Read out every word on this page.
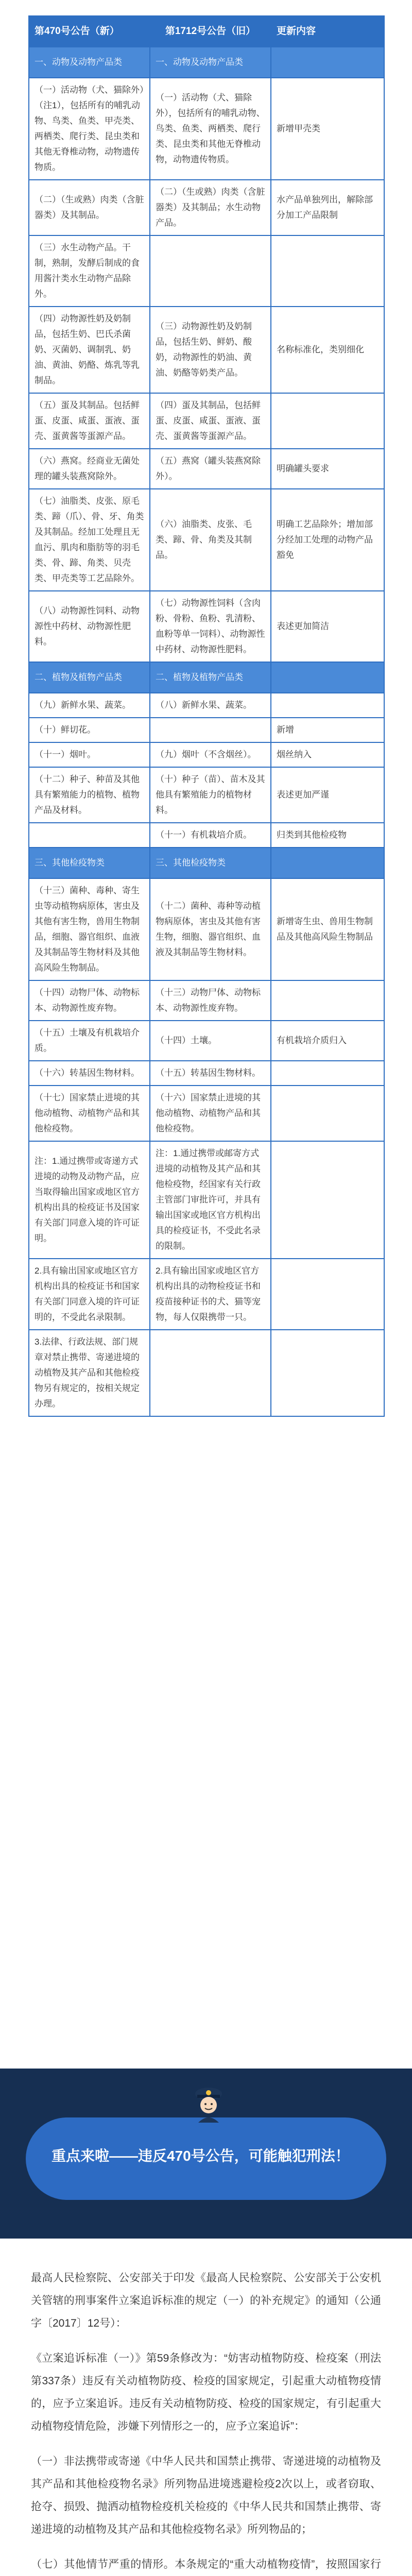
第470号公告（新）	第1712号公告（旧）	更新内容
一、动物及动物产品类	一、动物及动物产品类	
（一）活动物（犬、猫除外）（注1），包括所有的哺乳动物、鸟类、鱼类、甲壳类、两栖类、爬行类、昆虫类和其他无脊椎动物，动物遗传物质。	（一）活动物（犬、猫除外），包括所有的哺乳动物、鸟类、鱼类、两栖类、爬行类、昆虫类和其他无脊椎动物，动物遗传物质。	新增甲壳类
（二）（生或熟）肉类（含脏器类）及其制品。	（二）（生或熟）肉类（含脏器类）及其制品；水生动物产品。	水产品单独列出，解除部分加工产品限制
（三）水生动物产品。干制，熟制，发酵后制成的食用酱汁类水生动物产品除外。		
（四）动物源性奶及奶制品，包括生奶、巴氏杀菌奶、灭菌奶、调制乳、奶油、黄油、奶酪、炼乳等乳制品。	（三）动物源性奶及奶制品，包括生奶、鲜奶、酸奶，动物源性的奶油、黄油、奶酪等奶类产品。	名称标准化，类别细化
（五）蛋及其制品。包括鲜蛋、皮蛋、咸蛋、蛋液、蛋壳、蛋黄酱等蛋源产品。	（四）蛋及其制品，包括鲜蛋、皮蛋、咸蛋、蛋液、蛋壳、蛋黄酱等蛋源产品。	
（六）燕窝。经商业无菌处理的罐头装燕窝除外。	（五）燕窝（罐头装燕窝除外）。	明确罐头要求
（七）油脂类、皮张、原毛类、蹄（爪）、骨、牙、角类及其制品。经加工处理且无血污、肌肉和脂肪等的羽毛类、骨、蹄、角类、贝壳类、甲壳类等工艺品除外。	（六）油脂类、皮张、毛类、蹄、骨、角类及其制品。	明确工艺品除外；增加部分经加工处理的动物产品豁免
（八）动物源性饲料、动物源性中药材、动物源性肥料。	（七）动物源性饲料（含肉粉、骨粉、鱼粉、乳清粉、血粉等单一饲料）、动物源性中药材、动物源性肥料。	表述更加简洁
二、植物及植物产品类	二、植物及植物产品类	
（九）新鲜水果、蔬菜。	（八）新鲜水果、蔬菜。	
（十）鲜切花。		新增
（十一）烟叶。	（九）烟叶（不含烟丝）。	烟丝纳入
（十二）种子、种苗及其他具有繁殖能力的植物、植物产品及材料。	（十）种子（苗）、苗木及其他具有繁殖能力的植物材料。	表述更加严谨
	（十一）有机栽培介质。	归类到其他检疫物
三、其他检疫物类	三、其他检疫物类	
（十三）菌种、毒种、寄生虫等动植物病原体，害虫及其他有害生物，兽用生物制品，细胞、器官组织、血液及其制品等生物材料及其他高风险生物制品。	（十二）菌种、毒种等动植物病原体，害虫及其他有害生物，细胞、器官组织、血液及其制品等生物材料。	新增寄生虫、兽用生物制品及其他高风险生物制品
（十四）动物尸体、动物标本、动物源性废弃物。	（十三）动物尸体、动物标本、动物源性废弃物。	
（十五）土壤及有机栽培介质。	（十四）土壤。	有机栽培介质归入
（十六）转基因生物材料。	（十五）转基因生物材料。	
（十七）国家禁止进境的其他动植物、动植物产品和其他检疫物。	（十六）国家禁止进境的其他动植物、动植物产品和其他检疫物。	
注：1.通过携带或寄递方式进境的动物及动物产品，应当取得输出国家或地区官方机构出具的检疫证书及国家有关部门同意入境的许可证明。	注：1.通过携带或邮寄方式进境的动植物及其产品和其他检疫物，经国家有关行政主管部门审批许可，并具有输出国家或地区官方机构出具的检疫证书，不受此名录的限制。	
2.具有输出国家或地区官方机构出具的检疫证书和国家有关部门同意入境的许可证明的，不受此名录限制。	2.具有输出国家或地区官方机构出具的动物检疫证书和疫苗接种证书的犬、猫等宠物，每人仅限携带一只。	
3.法律、行政法规、部门规章对禁止携带、寄递进境的动植物及其产品和其他检疫物另有规定的，按相关规定办理。		
重点来啦——违反470号公告，可能触犯刑法！

最高人民检察院、公安部关于印发《最高人民检察院、公安部关于公安机关管辖的刑事案件立案追诉标准的规定（一）的补充规定》的通知（公通字〔2017〕12号）：

《立案追诉标准（一）》第59条修改为：“妨害动植物防疫、检疫案（刑法第337条）违反有关动植物防疫、检疫的国家规定，引起重大动植物疫情的，应予立案追诉。违反有关动植物防疫、检疫的国家规定，有引起重大动植物疫情危险，涉嫌下列情形之一的，应予立案追诉”：

（一）非法携带或寄递《中华人民共和国禁止携带、寄递进境的动植物及其产品和其他检疫物名录》所列物品进境逃避检疫2次以上，或者窃取、抢夺、损毁、抛洒动植物检疫机关检疫的《中华人民共和国禁止携带、寄递进境的动植物及其产品和其他检疫物名录》所列物品的；

（七）其他情节严重的情形。本条规定的“重大动植物疫情”，按照国家行
